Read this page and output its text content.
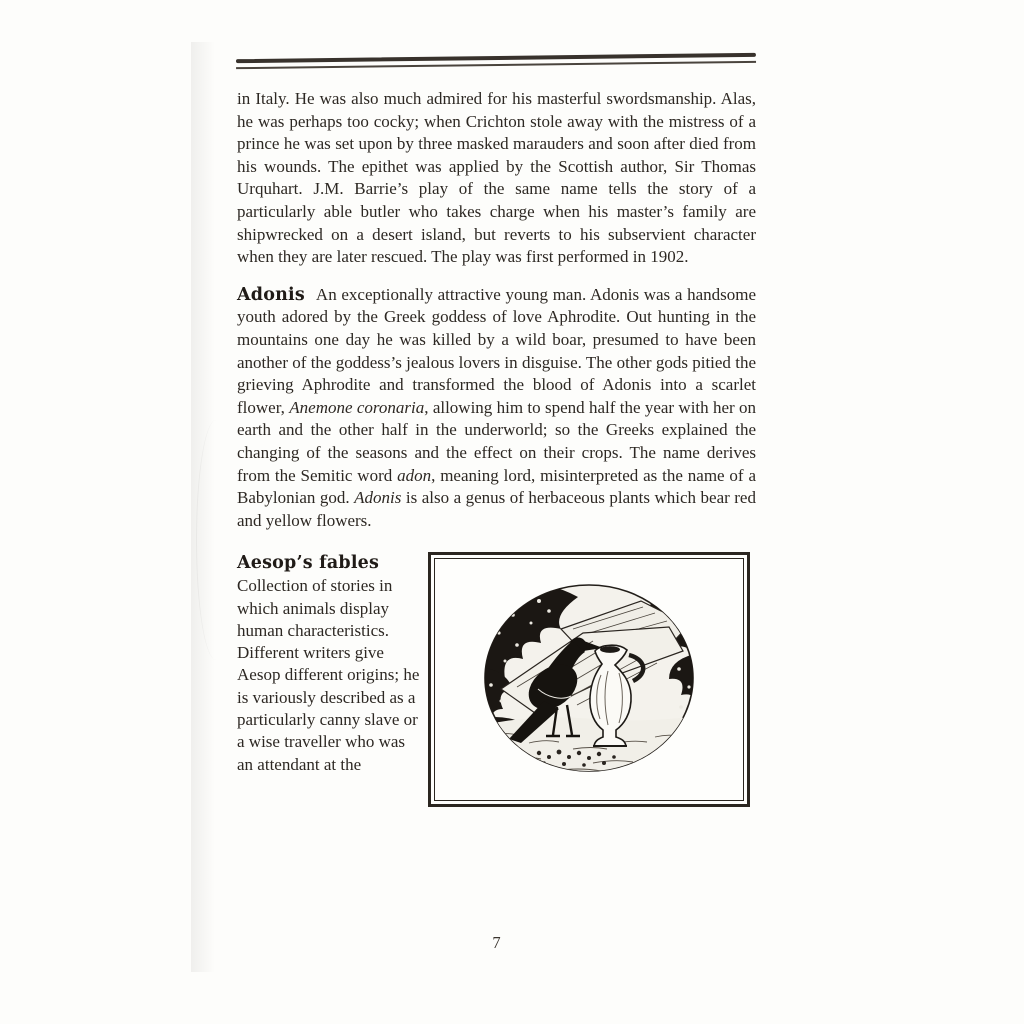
in Italy. He was also much admired for his masterful swordsmanship. Alas, he was perhaps too cocky; when Crichton stole away with the mistress of a prince he was set upon by three masked marauders and soon after died from his wounds. The epithet was applied by the Scottish author, Sir Thomas Urquhart. J.M. Barrie’s play of the same name tells the story of a particularly able butler who takes charge when his master’s family are shipwrecked on a desert island, but reverts to his subservient character when they are later rescued. The play was first performed in 1902.

Adonis An exceptionally attractive young man. Adonis was a handsome youth adored by the Greek goddess of love Aphrodite. Out hunting in the mountains one day he was killed by a wild boar, presumed to have been another of the goddess’s jealous lovers in disguise. The other gods pitied the grieving Aphrodite and transformed the blood of Adonis into a scarlet flower, Anemone coronaria, allowing him to spend half the year with her on earth and the other half in the underworld; so the Greeks explained the changing of the seasons and the effect on their crops. The name derives from the Semitic word adon, meaning lord, misinterpreted as the name of a Babylonian god. Adonis is also a genus of herbaceous plants which bear red and yellow flowers.

Aesop’s fables
Collection of stories in which animals display human characteristics. Different writers give Aesop different origins; he is variously described as a particularly canny slave or a wise traveller who was an attendant at the
7
